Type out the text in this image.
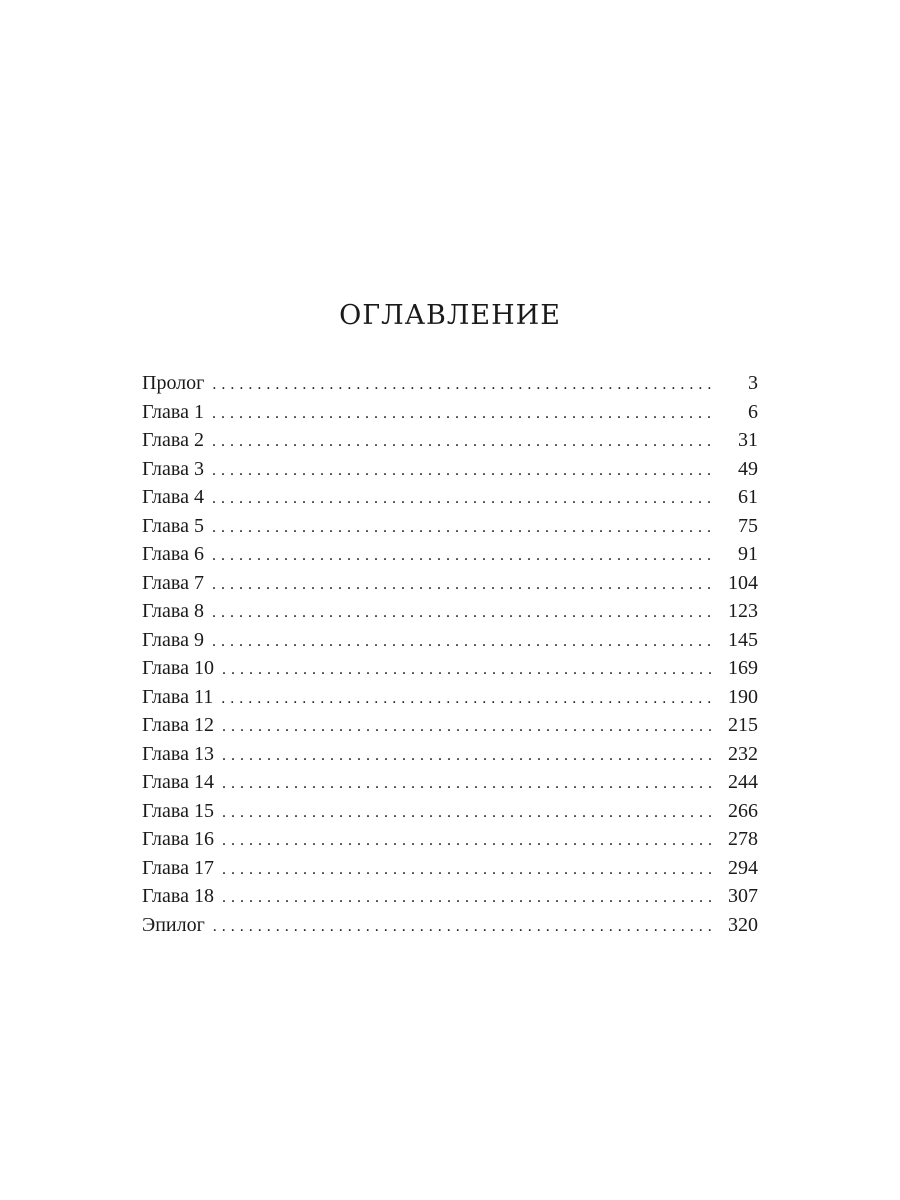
ОГЛАВЛЕНИЕ
Пролог . . .	3
Глава 1 . . .	6
Глава 2 . . .	31
Глава 3 . . .	49
Глава 4 . . .	61
Глава 5 . . .	75
Глава 6 . . .	91
Глава 7 . . .	104
Глава 8 . . .	123
Глава 9 . . .	145
Глава 10 . . .	169
Глава 11 . . .	190
Глава 12 . . .	215
Глава 13 . . .	232
Глава 14 . . .	244
Глава 15 . . .	266
Глава 16 . . .	278
Глава 17 . . .	294
Глава 18 . . .	307
Эпилог . . .	320
